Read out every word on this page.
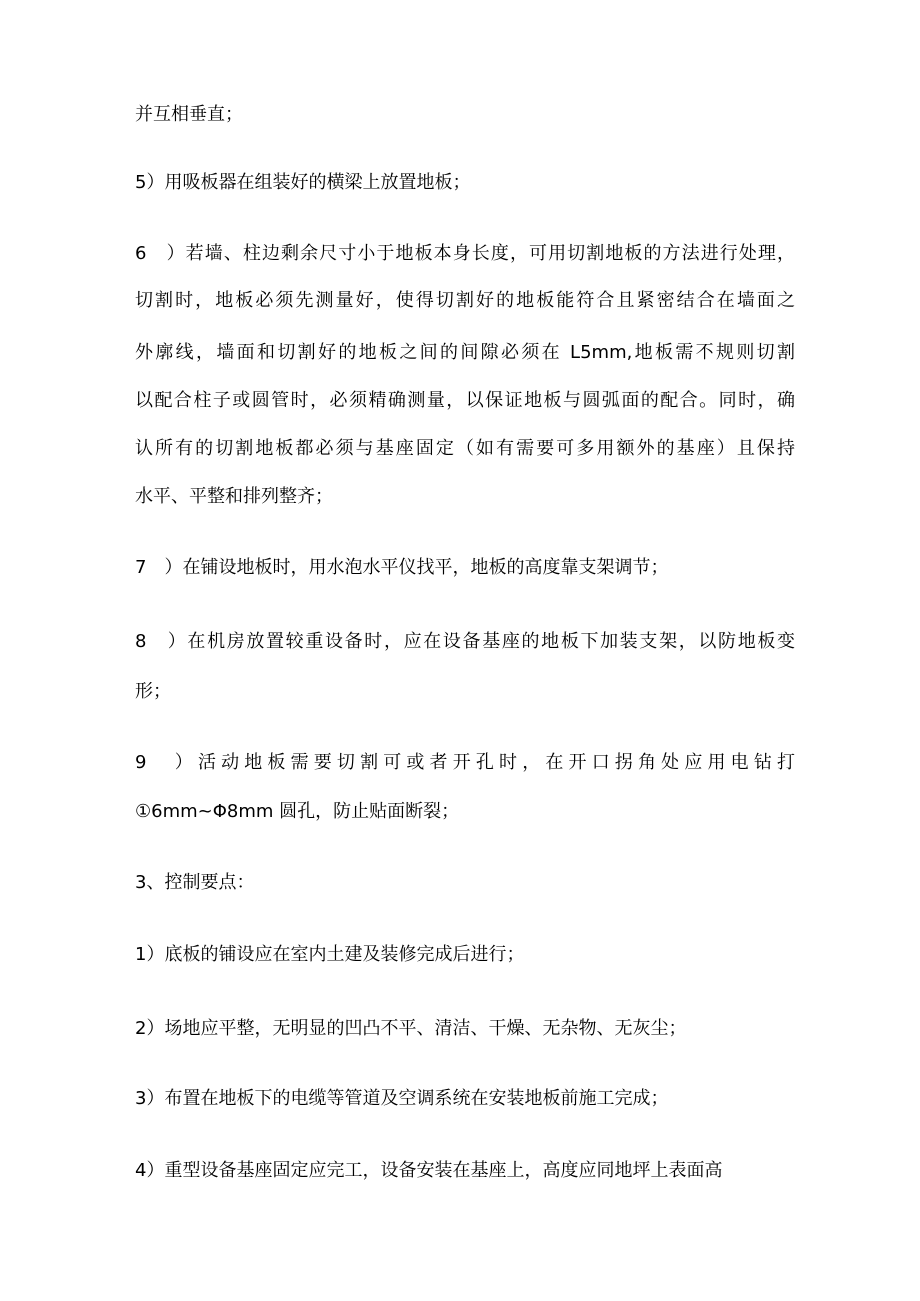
并互相垂直；
5）用吸板器在组装好的横梁上放置地板；
6　）若墙、柱边剩余尺寸小于地板本身长度，可用切割地板的方法进行处理，
切割时，地板必须先测量好，使得切割好的地板能符合且紧密结合在墙面之
外廓线，墙面和切割好的地板之间的间隙必须在 L5mm,地板需不规则切割
以配合柱子或圆管时，必须精确测量，以保证地板与圆弧面的配合。同时，确
认所有的切割地板都必须与基座固定（如有需要可多用额外的基座）且保持
水平、平整和排列整齐；
7　）在铺设地板时，用水泡水平仪找平，地板的高度靠支架调节；
8　）在机房放置较重设备时，应在设备基座的地板下加装支架，以防地板变
形；
9　）活动地板需要切割可或者开孔时，在开口拐角处应用电钻打
①6mm~Φ8mm 圆孔，防止贴面断裂；
3、控制要点：
1）底板的铺设应在室内土建及装修完成后进行；
2）场地应平整，无明显的凹凸不平、清洁、干燥、无杂物、无灰尘；
3）布置在地板下的电缆等管道及空调系统在安装地板前施工完成；
4）重型设备基座固定应完工，设备安装在基座上，高度应同地坪上表面高
